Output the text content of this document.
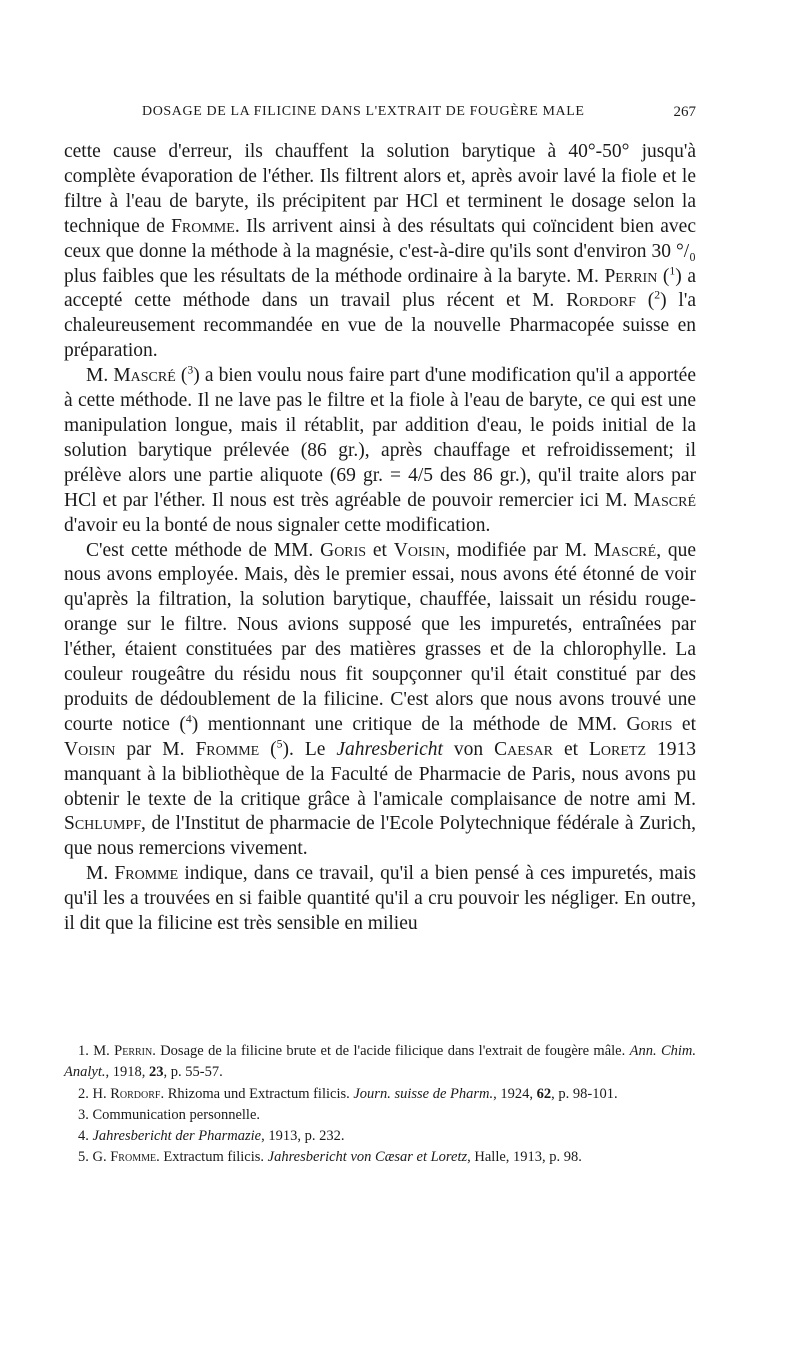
DOSAGE DE LA FILICINE DANS L'EXTRAIT DE FOUGÈRE MALE	267

cette cause d'erreur, ils chauffent la solution barytique à 40°-50° jusqu'à complète évaporation de l'éther. Ils filtrent alors et, après avoir lavé la fiole et le filtre à l'eau de baryte, ils précipitent par HCl et terminent le dosage selon la technique de Fromme. Ils arrivent ainsi à des résultats qui coïncident bien avec ceux que donne la méthode à la magnésie, c'est-à-dire qu'ils sont d'environ 30 °/₀ plus faibles que les résultats de la méthode ordinaire à la baryte. M. Perrin ($^1$) a accepté cette méthode dans un travail plus récent et M. Rordorf ($^2$) l'a chaleureusement recommandée en vue de la nouvelle Pharmacopée suisse en préparation.

M. Mascré ($^3$) a bien voulu nous faire part d'une modification qu'il a apportée à cette méthode. Il ne lave pas le filtre et la fiole à l'eau de baryte, ce qui est une manipulation longue, mais il rétablit, par addition d'eau, le poids initial de la solution barytique prélevée (86 gr.), après chauffage et refroidissement; il prélève alors une partie aliquote (69 gr. = 4/5 des 86 gr.), qu'il traite alors par HCl et par l'éther. Il nous est très agréable de pouvoir remercier ici M. Mascré d'avoir eu la bonté de nous signaler cette modification.

C'est cette méthode de MM. Goris et Voisin, modifiée par M. Mascré, que nous avons employée. Mais, dès le premier essai, nous avons été étonné de voir qu'après la filtration, la solution barytique, chauffée, laissait un résidu rouge-orange sur le filtre. Nous avions supposé que les impuretés, entraînées par l'éther, étaient constituées par des matières grasses et de la chlorophylle. La couleur rougeâtre du résidu nous fit soupçonner qu'il était constitué par des produits de dédoublement de la filicine. C'est alors que nous avons trouvé une courte notice ($^4$) mentionnant une critique de la méthode de MM. Goris et Voisin par M. Fromme ($^5$). Le Jahresbericht von Caesar et Loretz 1913 manquant à la bibliothèque de la Faculté de Pharmacie de Paris, nous avons pu obtenir le texte de la critique grâce à l'amicale complaisance de notre ami M. Schlumpf, de l'Institut de pharmacie de l'Ecole Polytechnique fédérale à Zurich, que nous remercions vivement.

M. Fromme indique, dans ce travail, qu'il a bien pensé à ces impuretés, mais qu'il les a trouvées en si faible quantité qu'il a cru pouvoir les négliger. En outre, il dit que la filicine est très sensible en milieu

1. M. Perrin. Dosage de la filicine brute et de l'acide filicique dans l'extrait de fougère mâle. Ann. Chim. Analyt., 1918, 23, p. 55-57.

2. H. Rordorf. Rhizoma und Extractum filicis. Journ. suisse de Pharm., 1924, 62, p. 98-101.

3. Communication personnelle.

4. Jahresbericht der Pharmazie, 1913, p. 232.

5. G. Fromme. Extractum filicis. Jahresbericht von Cæsar et Loretz, Halle, 1913, p. 98.
